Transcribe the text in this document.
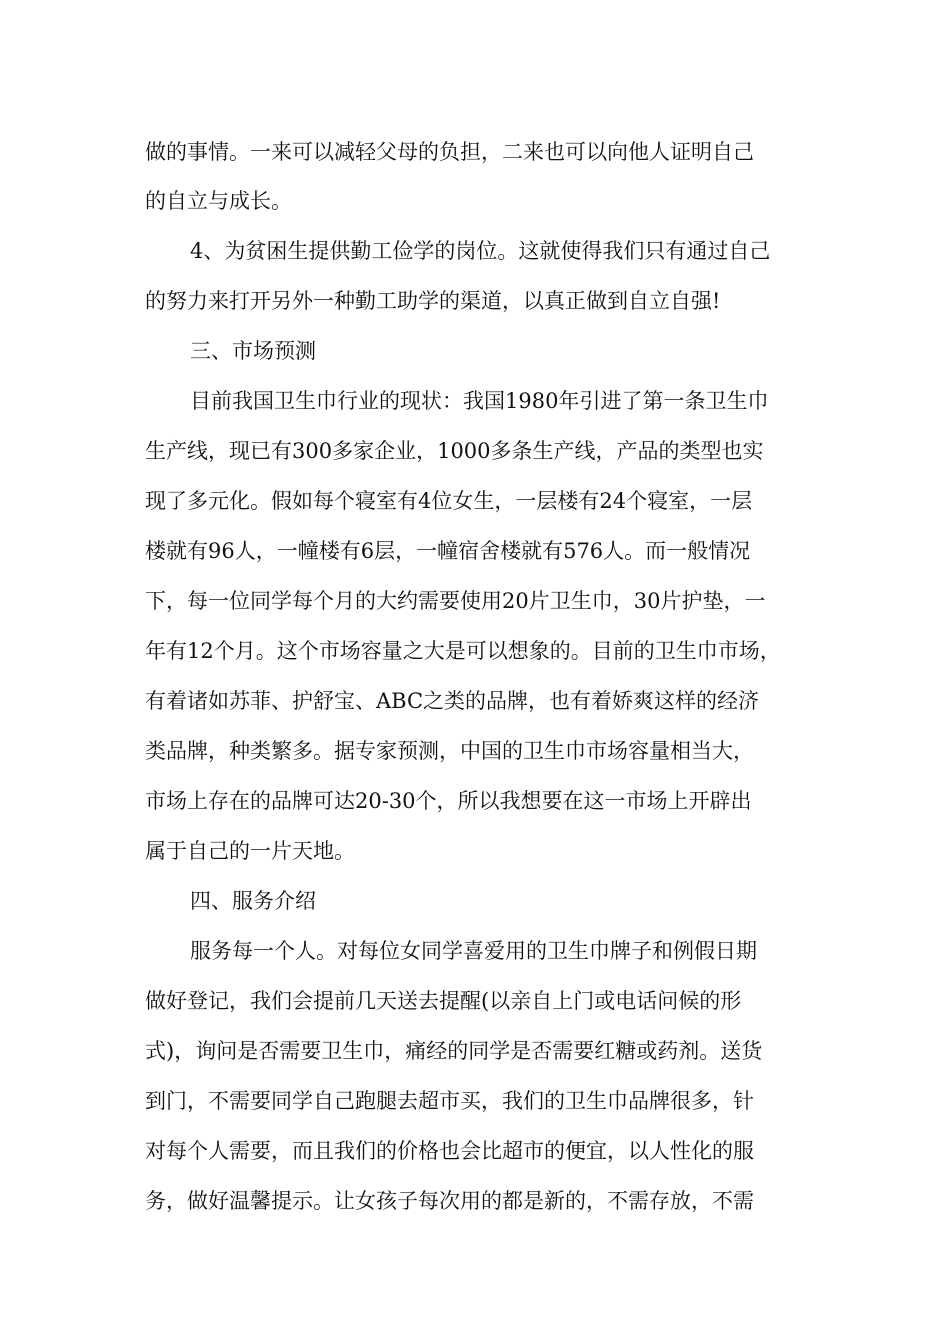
做的事情。一来可以减轻父母的负担，二来也可以向他人证明自己
的自立与成长。
4、为贫困生提供勤工俭学的岗位。这就使得我们只有通过自己
的努力来打开另外一种勤工助学的渠道，以真正做到自立自强!
三、市场预测
目前我国卫生巾行业的现状：我国1980年引进了第一条卫生巾
生产线，现已有300多家企业，1000多条生产线，产品的类型也实
现了多元化。假如每个寝室有4位女生，一层楼有24个寝室，一层
楼就有96人，一幢楼有6层，一幢宿舍楼就有576人。而一般情况
下，每一位同学每个月的大约需要使用20片卫生巾，30片护垫，一
年有12个月。这个市场容量之大是可以想象的。目前的卫生巾市场，
有着诸如苏菲、护舒宝、ABC之类的品牌，也有着娇爽这样的经济
类品牌，种类繁多。据专家预测，中国的卫生巾市场容量相当大，
市场上存在的品牌可达20-30个，所以我想要在这一市场上开辟出
属于自己的一片天地。
四、服务介绍
服务每一个人。对每位女同学喜爱用的卫生巾牌子和例假日期
做好登记，我们会提前几天送去提醒(以亲自上门或电话问候的形
式)，询问是否需要卫生巾，痛经的同学是否需要红糖或药剂。送货
到门，不需要同学自己跑腿去超市买，我们的卫生巾品牌很多，针
对每个人需要，而且我们的价格也会比超市的便宜，以人性化的服
务，做好温馨提示。让女孩子每次用的都是新的，不需存放，不需
